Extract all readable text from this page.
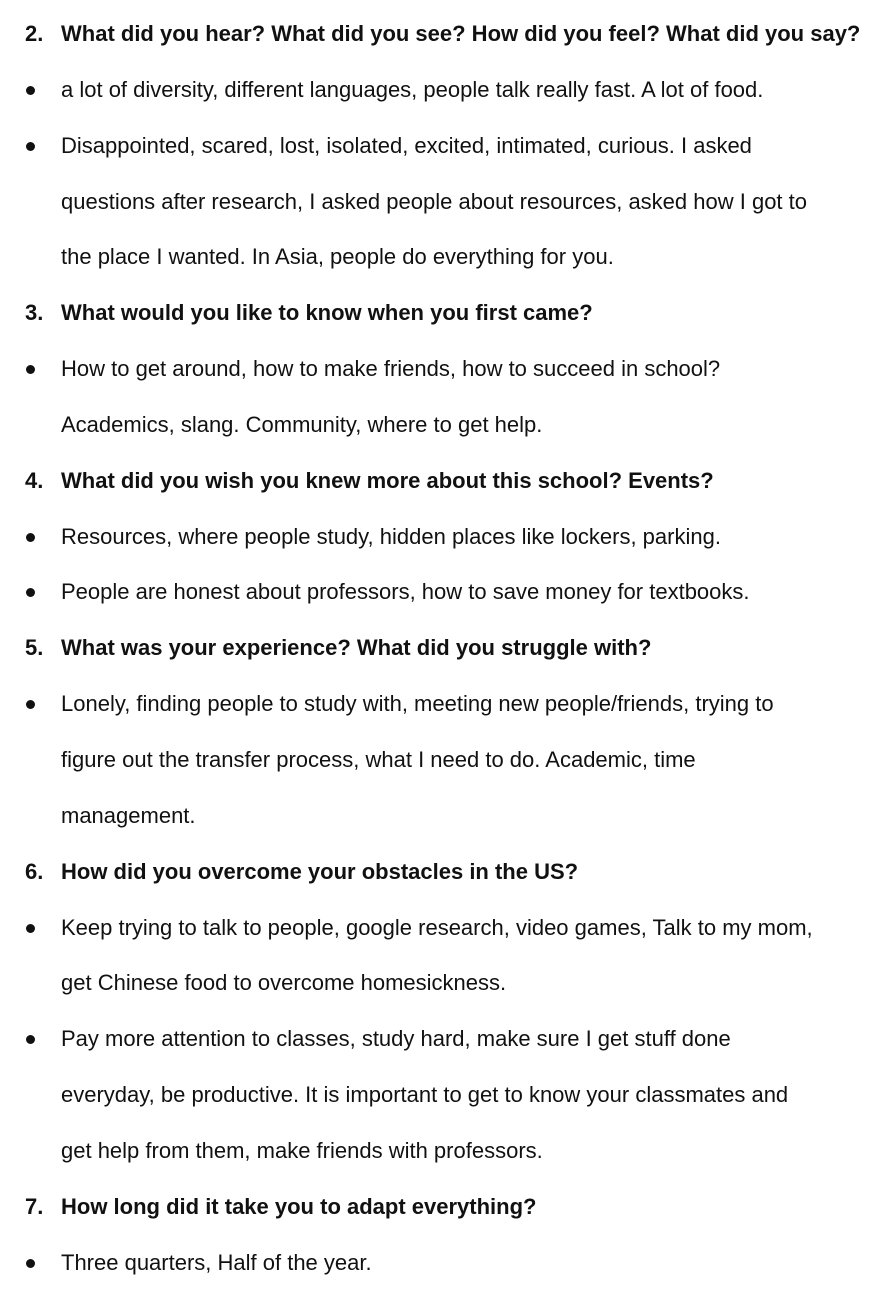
2. What did you hear? What did you see? How did you feel? What did you say?
a lot of diversity, different languages, people talk really fast. A lot of food.
Disappointed, scared, lost, isolated, excited, intimated, curious. I asked
questions after research, I asked people about resources, asked how I got to
the place I wanted. In Asia, people do everything for you.
3. What would you like to know when you first came?
How to get around, how to make friends, how to succeed in school?
Academics, slang. Community, where to get help.
4. What did you wish you knew more about this school? Events?
Resources, where people study, hidden places like lockers, parking.
People are honest about professors, how to save money for textbooks.
5. What was your experience? What did you struggle with?
Lonely, finding people to study with, meeting new people/friends, trying to
figure out the transfer process, what I need to do. Academic, time
management.
6. How did you overcome your obstacles in the US?
Keep trying to talk to people, google research, video games, Talk to my mom,
get Chinese food to overcome homesickness.
Pay more attention to classes, study hard, make sure I get stuff done
everyday, be productive. It is important to get to know your classmates and
get help from them, make friends with professors.
7. How long did it take you to adapt everything?
Three quarters, Half of the year.
